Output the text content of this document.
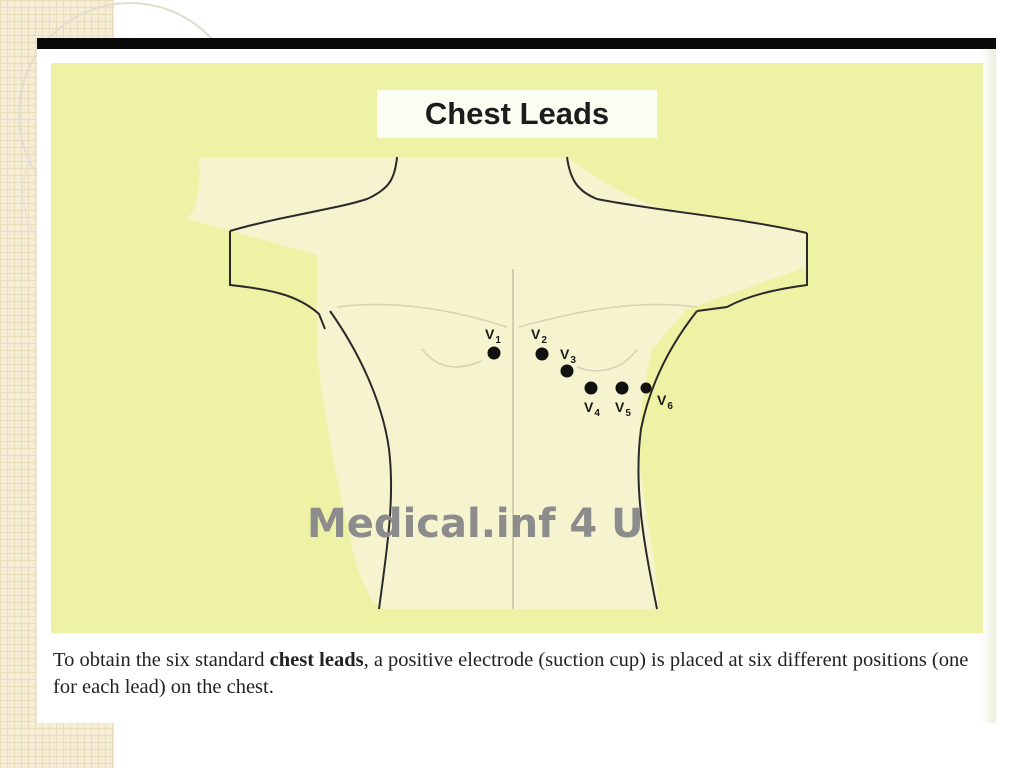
Chest Leads
$V_1$ $V_2$
$V_3$
$V_4$ $V_5$
$V_6$
Medical.inf 4 U
To obtain the six standard chest leads, a positive electrode (suction cup) is placed at six different positions (one for each lead) on the chest.
